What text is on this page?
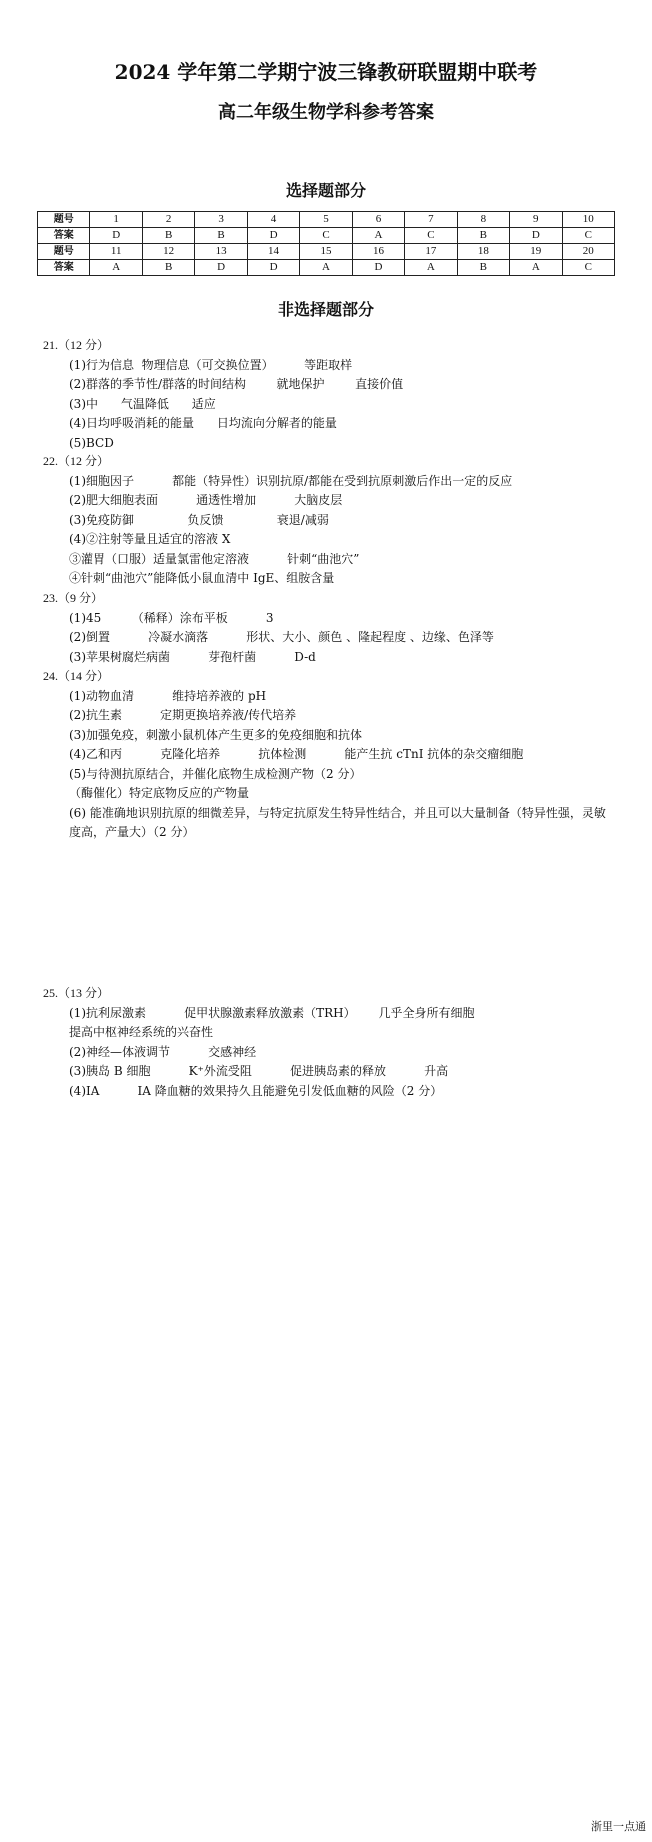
2024 学年第二学期宁波三锋教研联盟期中联考
高二年级生物学科参考答案
选择题部分
题号	1	2	3	4	5	6	7	8	9	10
答案	D	B	B	D	C	A	C	B	D	C
题号	11	12	13	14	15	16	17	18	19	20
答案	A	B	D	D	A	D	A	B	A	C
非选择题部分
21.（12 分）
(1)行为信息  物理信息（可交换位置）        等距取样
(2)群落的季节性/群落的时间结构        就地保护        直接价值
(3)中      气温降低      适应
(4)日均呼吸消耗的能量      日均流向分解者的能量
(5)BCD
22.（12 分）
(1)细胞因子          都能（特异性）识别抗原/都能在受到抗原刺激后作出一定的反应
(2)肥大细胞表面          通透性增加          大脑皮层
(3)免疫防御              负反馈              衰退/减弱
(4)②注射等量且适宜的溶液 X
③灌胃（口服）适量氯雷他定溶液          针刺“曲池穴”
④针刺“曲池穴”能降低小鼠血清中 IgE、组胺含量
23.（9 分）
(1)45        （稀释）涂布平板          3
(2)倒置          冷凝水滴落          形状、大小、颜色 、隆起程度 、边缘、色泽等
(3)苹果树腐烂病菌          芽孢杆菌          D-d
24.（14 分）
(1)动物血清          维持培养液的 pH
(2)抗生素          定期更换培养液/传代培养
(3)加强免疫，刺激小鼠机体产生更多的免疫细胞和抗体
(4)乙和丙          克隆化培养          抗体检测          能产生抗 cTnI 抗体的杂交瘤细胞
(5)与待测抗原结合，并催化底物生成检测产物（2 分）
（酶催化）特定底物反应的产物量
(6) 能准确地识别抗原的细微差异，与特定抗原发生特异性结合，并且可以大量制备（特异性强，灵敏度高，产量大）（2 分）
25.（13 分）
(1)抗利尿激素          促甲状腺激素释放激素（TRH）      几乎全身所有细胞
提高中枢神经系统的兴奋性
(2)神经—体液调节          交感神经
(3)胰岛 B 细胞          K⁺外流受阻          促进胰岛素的释放          升高
(4)IA          IA 降血糖的效果持久且能避免引发低血糖的风险（2 分）
浙里一点通
